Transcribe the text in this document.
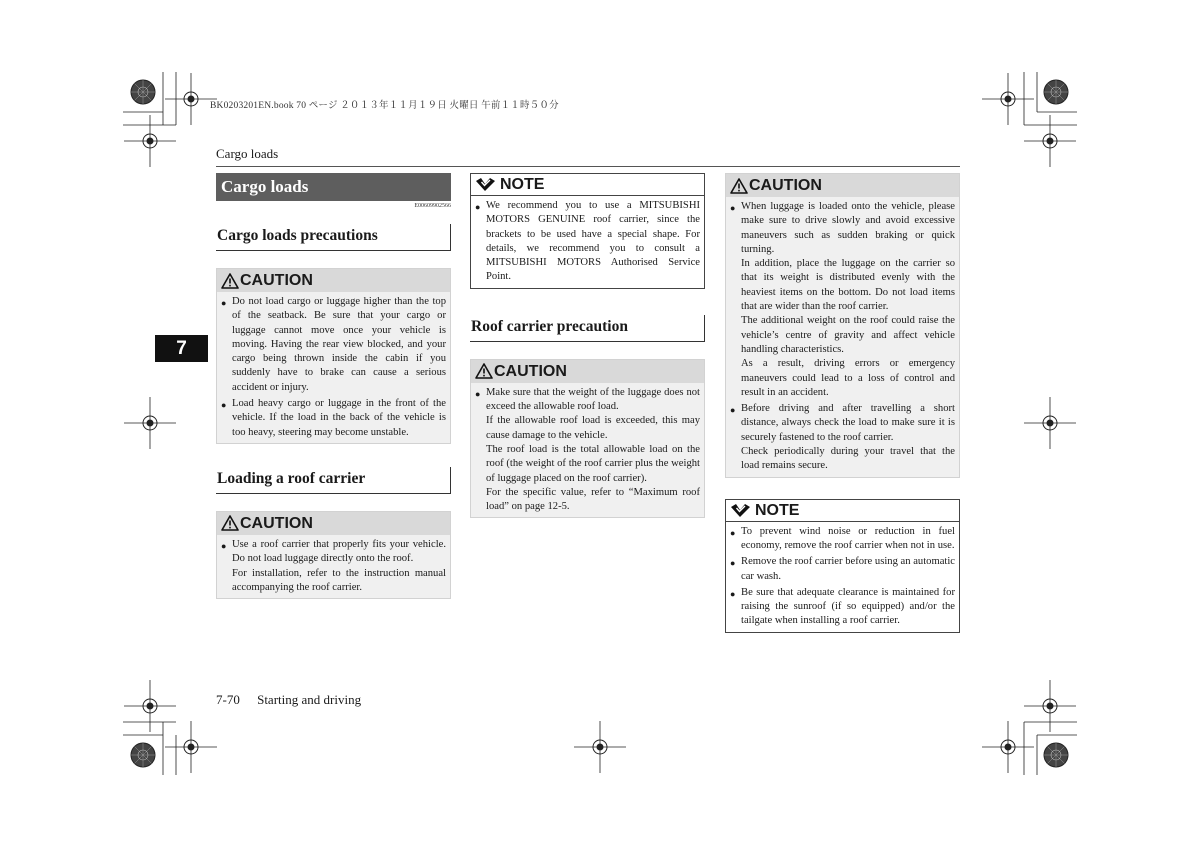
BK0203201EN.book 70 ページ ２０１３年１１月１９日 火曜日 午前１１時５０分
Cargo loads
7
Cargo loads
E00609902566
Cargo loads precautions
CAUTION
● Do not load cargo or luggage higher than the top of the seatback. Be sure that your cargo or luggage cannot move once your vehicle is moving. Having the rear view blocked, and your cargo being thrown inside the cabin if you suddenly have to brake can cause a serious accident or injury.

● Load heavy cargo or luggage in the front of the vehicle. If the load in the back of the vehicle is too heavy, steering may become unstable.

Loading a roof carrier
CAUTION
● Use a roof carrier that properly fits your vehicle. Do not load luggage directly onto the roof.

For installation, refer to the instruction manual accompanying the roof carrier.

NOTE
● We recommend you to use a MITSUBISHI MOTORS GENUINE roof carrier, since the brackets to be used have a special shape. For details, we recommend you to consult a MITSUBISHI MOTORS Authorised Service Point.

Roof carrier precaution
CAUTION
● Make sure that the weight of the luggage does not exceed the allowable roof load.

If the allowable roof load is exceeded, this may cause damage to the vehicle.

The roof load is the total allowable load on the roof (the weight of the roof carrier plus the weight of luggage placed on the roof carrier).

For the specific value, refer to “Maximum roof load” on page 12-5.

CAUTION
● When luggage is loaded onto the vehicle, please make sure to drive slowly and avoid excessive maneuvers such as sudden braking or quick turning.

In addition, place the luggage on the carrier so that its weight is distributed evenly with the heaviest items on the bottom. Do not load items that are wider than the roof carrier.

The additional weight on the roof could raise the vehicle’s centre of gravity and affect vehicle handling characteristics.

As a result, driving errors or emergency maneuvers could lead to a loss of control and result in an accident.

● Before driving and after travelling a short distance, always check the load to make sure it is securely fastened to the roof carrier.

Check periodically during your travel that the load remains secure.

NOTE
● To prevent wind noise or reduction in fuel economy, remove the roof carrier when not in use.

● Remove the roof carrier before using an automatic car wash.

● Be sure that adequate clearance is maintained for raising the sunroof (if so equipped) and/or the tailgate when installing a roof carrier.

7-70 Starting and driving
